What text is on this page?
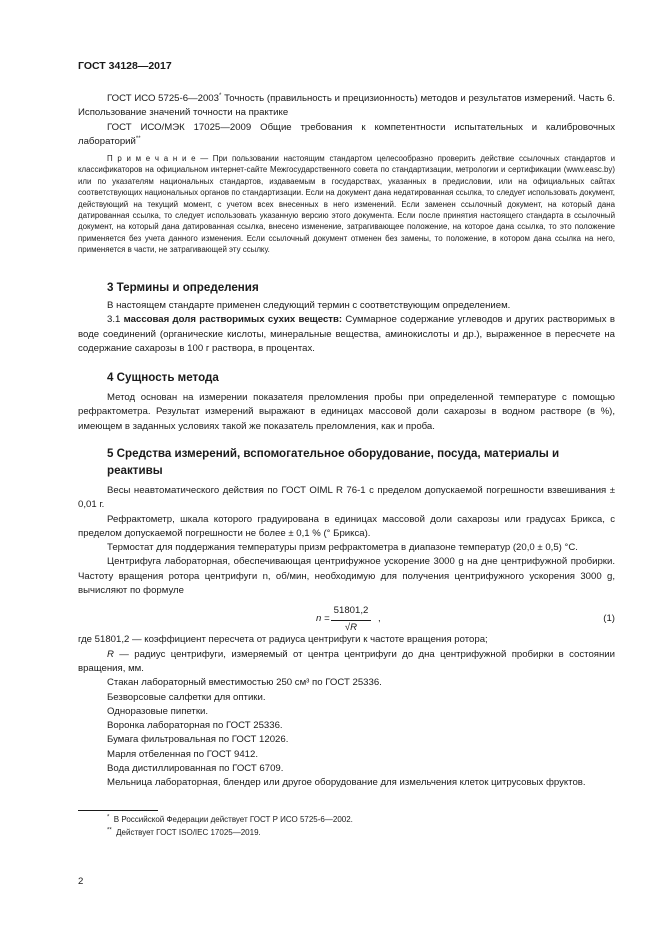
ГОСТ 34128—2017

ГОСТ ИСО 5725-6—2003* Точность (правильность и прецизионность) методов и результатов измерений. Часть 6. Использование значений точности на практике

ГОСТ ИСО/МЭК 17025—2009 Общие требования к компетентности испытательных и калибровочных лабораторий**

П р и м е ч а н и е — При пользовании настоящим стандартом целесообразно проверить действие ссылочных стандартов и классификаторов на официальном интернет-сайте Межгосударственного совета по стандартизации, метрологии и сертификации (www.easc.by) или по указателям национальных стандартов, издаваемым в государствах, указанных в предисловии, или на официальных сайтах соответствующих национальных органов по стандартизации. Если на документ дана недатированная ссылка, то следует использовать документ, действующий на текущий момент, с учетом всех внесенных в него изменений. Если заменен ссылочный документ, на который дана датированная ссылка, то следует использовать указанную версию этого документа. Если после принятия настоящего стандарта в ссылочный документ, на который дана датированная ссылка, внесено изменение, затрагивающее положение, на которое дана ссылка, то это положение применяется без учета данного изменения. Если ссылочный документ отменен без замены, то положение, в котором дана ссылка на него, применяется в части, не затрагивающей эту ссылку.

3 Термины и определения

В настоящем стандарте применен следующий термин с соответствующим определением.

3.1 массовая доля растворимых сухих веществ: Суммарное содержание углеводов и других растворимых в воде соединений (органические кислоты, минеральные вещества, аминокислоты и др.), выраженное в пересчете на содержание сахарозы в 100 г раствора, в процентах.

4 Сущность метода

Метод основан на измерении показателя преломления пробы при определенной температуре с помощью рефрактометра. Результат измерений выражают в единицах массовой доли сахарозы в водном растворе (в %), имеющем в заданных условиях такой же показатель преломления, как и проба.

5 Средства измерений, вспомогательное оборудование, посуда, материалы и реактивы

Весы неавтоматического действия по ГОСТ OIML R 76-1 с пределом допускаемой погрешности взвешивания ± 0,01 г.

Рефрактометр, шкала которого градуирована в единицах массовой доли сахарозы или градусах Брикса, с пределом допускаемой погрешности не более ± 0,1 % (° Брикса).

Термостат для поддержания температуры призм рефрактометра в диапазоне температур (20,0 ± 0,5) °С.

Центрифуга лабораторная, обеспечивающая центрифужное ускорение 3000 g на дне центрифужной пробирки. Частоту вращения ротора центрифуги n, об/мин, необходимую для получения центрифужного ускорения 3000 g, вычисляют по формуле

$n = \frac{51801,2}{√R}$ ,	(1)

где 51801,2 — коэффициент пересчета от радиуса центрифуги к частоте вращения ротора;

R — радиус центрифуги, измеряемый от центра центрифуги до дна центрифужной пробирки в состоянии вращения, мм.

Стакан лабораторный вместимостью 250 см³ по ГОСТ 25336.

Безворсовые салфетки для оптики.

Одноразовые пипетки.

Воронка лабораторная по ГОСТ 25336.

Бумага фильтровальная по ГОСТ 12026.

Марля отбеленная по ГОСТ 9412.

Вода дистиллированная по ГОСТ 6709.

Мельница лабораторная, блендер или другое оборудование для измельчения клеток цитрусовых фруктов.

* В Российской Федерации действует ГОСТ Р ИСО 5725-6—2002.
** Действует ГОСТ ISO/IEC 17025—2019.
2
